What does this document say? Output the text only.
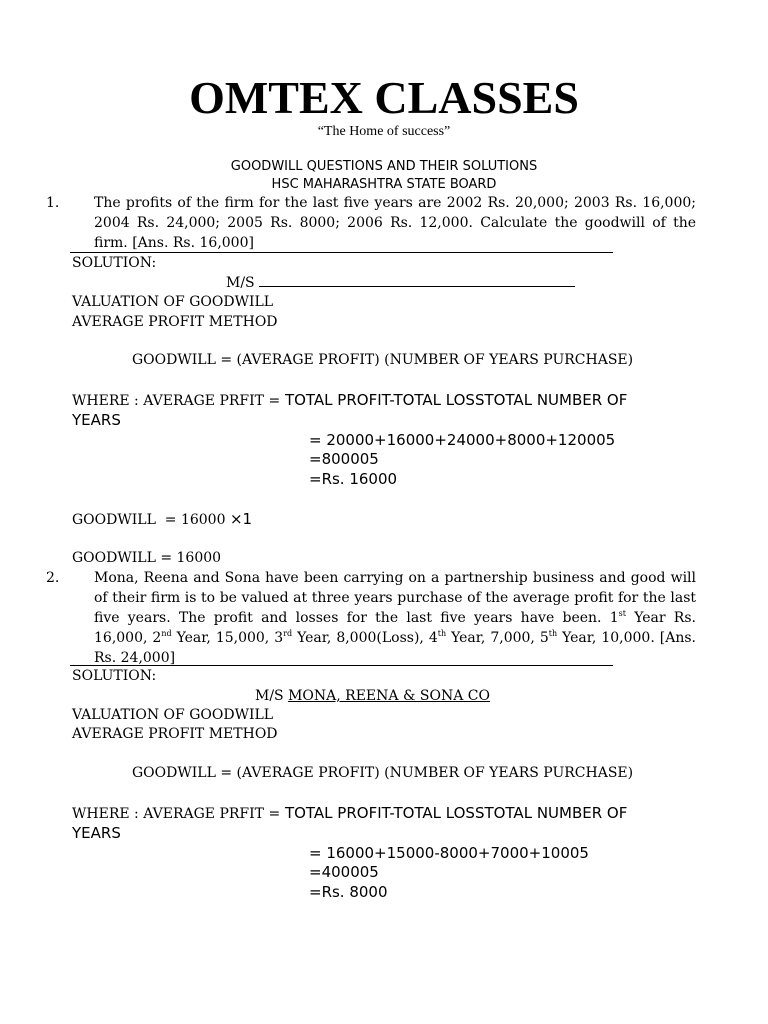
OMTEX CLASSES
“The Home of success”
GOODWILL QUESTIONS AND THEIR SOLUTIONS
HSC MAHARASHTRA STATE BOARD
1. The profits of the firm for the last five years are 2002 Rs. 20,000; 2003 Rs. 16,000; 2004 Rs. 24,000; 2005 Rs. 8000; 2006 Rs. 12,000. Calculate the goodwill of the firm. [Ans. Rs. 16,000]
SOLUTION:
M/S
VALUATION OF GOODWILL
AVERAGE PROFIT METHOD
GOODWILL = (AVERAGE PROFIT) (NUMBER OF YEARS PURCHASE)
WHERE : AVERAGE PRFIT = TOTAL PROFIT-TOTAL LOSSTOTAL NUMBER OF
YEARS
= 20000+16000+24000+8000+120005
=800005
=Rs. 16000
GOODWILL  = 16000 ×1
GOODWILL = 16000
2. Mona, Reena and Sona have been carrying on a partnership business and good will of their firm is to be valued at three years purchase of the average profit for the last five years. The profit and losses for the last five years have been. 1st Year Rs. 16,000, 2nd Year, 15,000, 3rd Year, 8,000(Loss), 4th Year, 7,000, 5th Year, 10,000. [Ans. Rs. 24,000]
SOLUTION:
M/S MONA, REENA & SONA CO
VALUATION OF GOODWILL
AVERAGE PROFIT METHOD
GOODWILL = (AVERAGE PROFIT) (NUMBER OF YEARS PURCHASE)
WHERE : AVERAGE PRFIT = TOTAL PROFIT-TOTAL LOSSTOTAL NUMBER OF
YEARS
= 16000+15000-8000+7000+10005
=400005
=Rs. 8000
